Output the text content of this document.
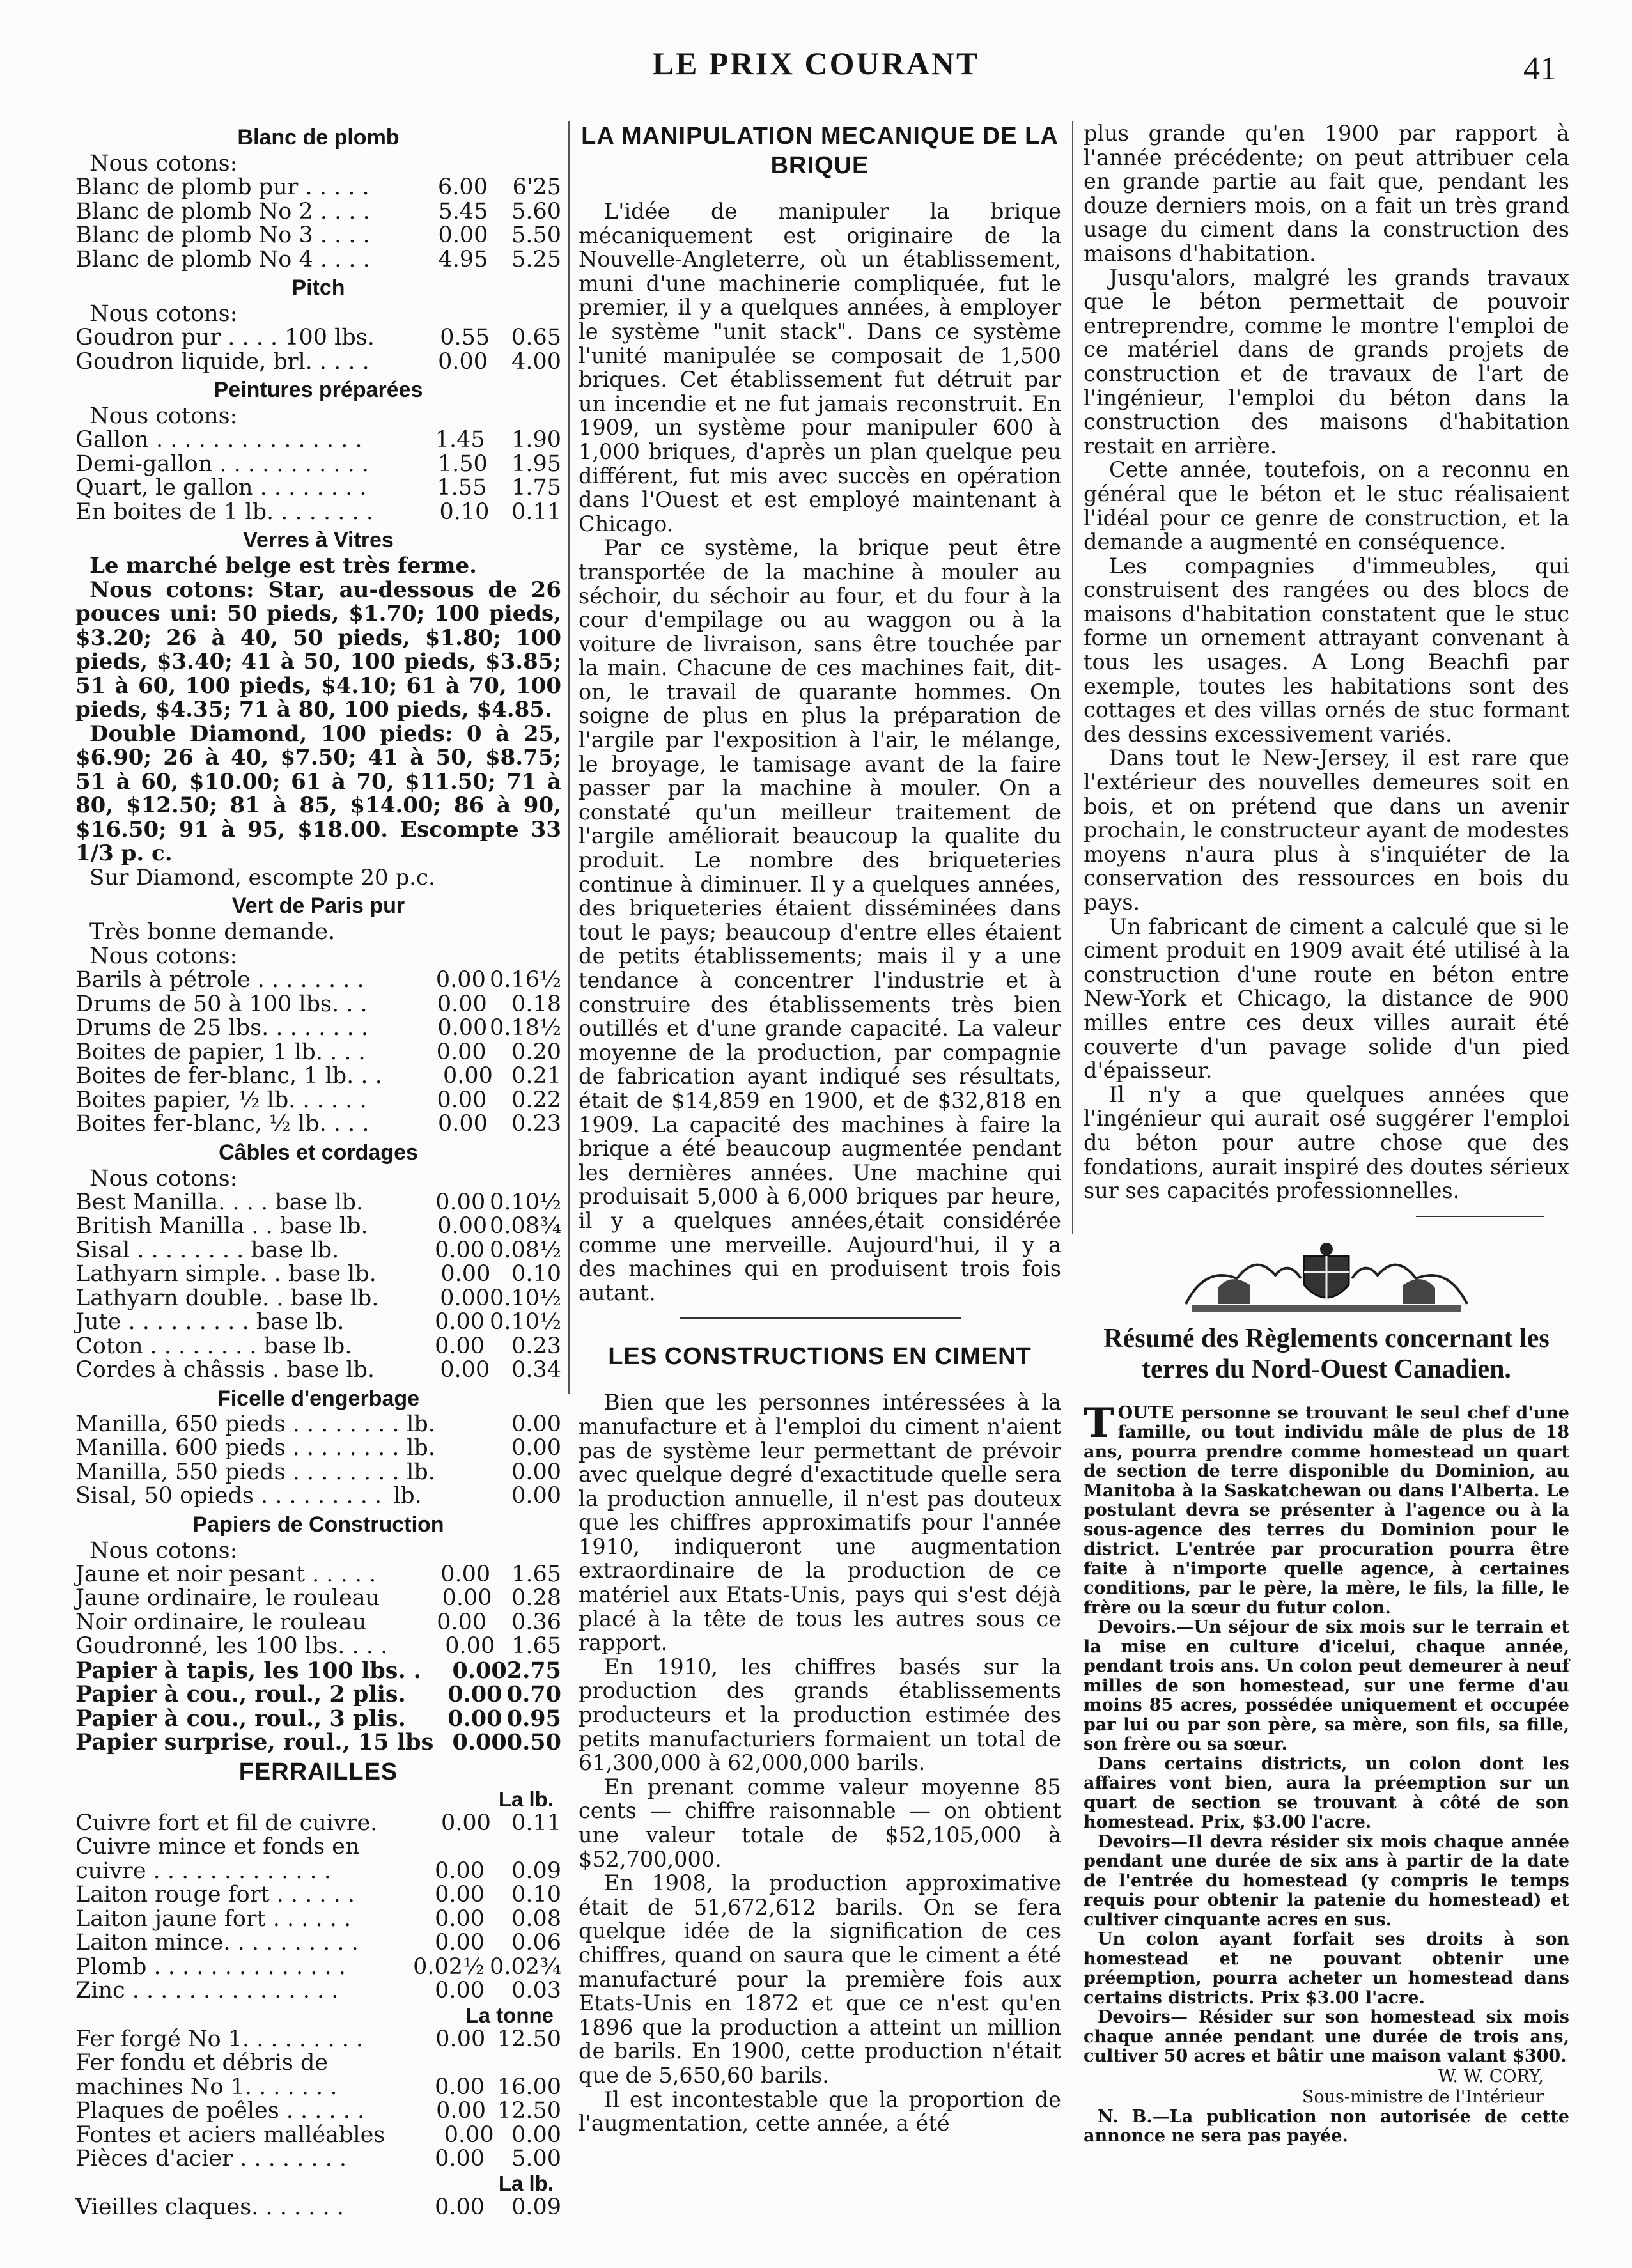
LE PRIX COURANT	41
Blanc de plomb
Nous cotons:
Blanc de plomb pur . . . . .	6.00	6'25
Blanc de plomb No 2 . . . .	5.45	5.60
Blanc de plomb No 3 . . . .	0.00	5.50
Blanc de plomb No 4 . . . .	4.95	5.25
Pitch
Nous cotons:
Goudron pur . . . . 100 lbs.	0.55 0.65
Goudron liquide, brl. . . . .	0.00	4.00
Peintures préparées
Nous cotons:
Gallon . . . . . . . . . . . . . . .	1.45	1.90
Demi-gallon . . . . . . . . . . .	1.50	1.95
Quart, le gallon . . . . . . . .	1.55	1.75
En boites de 1 lb. . . . . . . .	0.10 0.11
Verres à Vitres
Le marché belge est très ferme.
Nous cotons: Star, au-dessous de 26 pouces uni: 50 pieds, $1.70; 100 pieds, $3.20; 26 à 40, 50 pieds, $1.80; 100 pieds, $3.40; 41 à 50, 100 pieds, $3.85; 51 à 60, 100 pieds, $4.10; 61 à 70, 100 pieds, $4.35; 71 à 80, 100 pieds, $4.85.
Double Diamond, 100 pieds: 0 à 25, $6.90; 26 à 40, $7.50; 41 à 50, $8.75; 51 à 60, $10.00; 61 à 70, $11.50; 71 à 80, $12.50; 81 à 85, $14.00; 86 à 90, $16.50; 91 à 95, $18.00. Escompte 33 1/3 p. c.
Sur Diamond, escompte 20 p.c.
Vert de Paris pur
Très bonne demande.
Nous cotons:
Barils à pétrole . . . . . . . .	0.00 0.16½
Drums de 50 à 100 lbs. . .	0.00	0.18
Drums de 25 lbs. . . . . . . .	0.00 0.18½
Boites de papier, 1 lb. . . .	0.00	0.20
Boites de fer-blanc, 1 lb. . .	0.00 0.21
Boites papier, ½ lb. . . . . .	0.00	0.22
Boites fer-blanc, ½ lb. . . .	0.00	0.23
Câbles et cordages
Nous cotons:
Best Manilla. . . . base lb.	0.00 0.10½
British Manilla . . base lb.	0.00 0.08¾
Sisal . . . . . . . . base lb.	0.00 0.08½
Lathyarn simple. . base lb.	0.00 0.10
Lathyarn double. . base lb.	0.00 0.10½
Jute . . . . . . . . . base lb.	0.00 0.10½
Coton . . . . . . . . base lb.	0.00	0.23
Cordes à châssis . base lb.	0.00 0.34
Ficelle d'engerbage
Manilla, 650 pieds . . . . . . . . lb.	0.00
Manilla. 600 pieds . . . . . . . . lb.	0.00
Manilla, 550 pieds . . . . . . . . lb.	0.00
Sisal, 50 opieds . . . . . . . . . lb.	0.00
Papiers de Construction
Nous cotons:
Jaune et noir pesant . . . . .	0.00 1.65
Jaune ordinaire, le rouleau	0.00 0.28
Noir ordinaire, le rouleau	0.00	0.36
Goudronné, les 100 lbs. . . .	0.00 1.65
Papier à tapis, les 100 lbs. . 0.00 2.75
Papier à cou., roul., 2 plis. 0.00 0.70
Papier à cou., roul., 3 plis. 0.00 0.95
Papier surprise, roul., 15 lbs 0.00 0.50
FERRAILLES
La lb.
Cuivre fort et fil de cuivre.	0.00 0.11
Cuivre mince et fonds en
cuivre . . . . . . . . . . . . .	0.00	0.09
Laiton rouge fort . . . . . .	0.00	0.10
Laiton jaune fort . . . . . .	0.00	0.08
Laiton mince. . . . . . . . . .	0.00	0.06
Plomb . . . . . . . . . . . . . .	0.02½ 0.02¾
Zinc . . . . . . . . . . . . . . .	0.00	0.03
La tonne
Fer forgé No 1. . . . . . . . .	0.00 12.50
Fer fondu et débris de
machines No 1. . . . . . .	0.00 16.00
Plaques de poêles . . . . . .	0.00 12.50
Fontes et aciers malléables	0.00 0.00
Pièces d'acier . . . . . . . .	0.00	5.00
La lb.
Vieilles claques. . . . . . .	0.00	0.09
LA MANIPULATION MECANIQUE DE LA BRIQUE

L'idée de manipuler la brique mécaniquement est originaire de la Nouvelle-Angleterre, où un établissement, muni d'une machinerie compliquée, fut le premier, il y a quelques années, à employer le système "unit stack". Dans ce système l'unité manipulée se composait de 1,500 briques. Cet établissement fut détruit par un incendie et ne fut jamais reconstruit. En 1909, un système pour manipuler 600 à 1,000 briques, d'après un plan quelque peu différent, fut mis avec succès en opération dans l'Ouest et est employé maintenant à Chicago.

Par ce système, la brique peut être transportée de la machine à mouler au séchoir, du séchoir au four, et du four à la cour d'empilage ou au waggon ou à la voiture de livraison, sans être touchée par la main. Chacune de ces machines fait, dit-on, le travail de quarante hommes. On soigne de plus en plus la préparation de l'argile par l'exposition à l'air, le mélange, le broyage, le tamisage avant de la faire passer par la machine à mouler. On a constaté qu'un meilleur traitement de l'argile améliorait beaucoup la qualite du produit. Le nombre des briqueteries continue à diminuer. Il y a quelques années, des briqueteries étaient disséminées dans tout le pays; beaucoup d'entre elles étaient de petits établissements; mais il y a une tendance à concentrer l'industrie et à construire des établissements très bien outillés et d'une grande capacité. La valeur moyenne de la production, par compagnie de fabrication ayant indiqué ses résultats, était de $14,859 en 1900, et de $32,818 en 1909. La capacité des machines à faire la brique a été beaucoup augmentée pendant les dernières années. Une machine qui produisait 5,000 à 6,000 briques par heure, il y a quelques années,était considérée comme une merveille. Aujourd'hui, il y a des machines qui en produisent trois fois autant.

LES CONSTRUCTIONS EN CIMENT

Bien que les personnes intéressées à la manufacture et à l'emploi du ciment n'aient pas de système leur permettant de prévoir avec quelque degré d'exactitude quelle sera la production annuelle, il n'est pas douteux que les chiffres approximatifs pour l'année 1910, indiqueront une augmentation extraordinaire de la production de ce matériel aux Etats-Unis, pays qui s'est déjà placé à la tête de tous les autres sous ce rapport.

En 1910, les chiffres basés sur la production des grands établissements producteurs et la production estimée des petits manufacturiers formaient un total de 61,300,000 à 62,000,000 barils.

En prenant comme valeur moyenne 85 cents — chiffre raisonnable — on obtient une valeur totale de $52,105,000 à $52,700,000.

En 1908, la production approximative était de 51,672,612 barils. On se fera quelque idée de la signification de ces chiffres, quand on saura que le ciment a été manufacturé pour la première fois aux Etats-Unis en 1872 et que ce n'est qu'en 1896 que la production a atteint un million de barils. En 1900, cette production n'était que de 5,650,60 barils.

Il est incontestable que la proportion de l'augmentation, cette année, a été

plus grande qu'en 1900 par rapport à l'année précédente; on peut attribuer cela en grande partie au fait que, pendant les douze derniers mois, on a fait un très grand usage du ciment dans la construction des maisons d'habitation.

Jusqu'alors, malgré les grands travaux que le béton permettait de pouvoir entreprendre, comme le montre l'emploi de ce matériel dans de grands projets de construction et de travaux de l'art de l'ingénieur, l'emploi du béton dans la construction des maisons d'habitation restait en arrière.

Cette année, toutefois, on a reconnu en général que le béton et le stuc réalisaient l'idéal pour ce genre de construction, et la demande a augmenté en conséquence.

Les compagnies d'immeubles, qui construisent des rangées ou des blocs de maisons d'habitation constatent que le stuc forme un ornement attrayant convenant à tous les usages. A Long Beachfi par exemple, toutes les habitations sont des cottages et des villas ornés de stuc formant des dessins excessivement variés.

Dans tout le New-Jersey, il est rare que l'extérieur des nouvelles demeures soit en bois, et on prétend que dans un avenir prochain, le constructeur ayant de modestes moyens n'aura plus à s'inquiéter de la conservation des ressources en bois du pays.

Un fabricant de ciment a calculé que si le ciment produit en 1909 avait été utilisé à la construction d'une route en béton entre New-York et Chicago, la distance de 900 milles entre ces deux villes aurait été couverte d'un pavage solide d'un pied d'épaisseur.

Il n'y a que quelques années que l'ingénieur qui aurait osé suggérer l'emploi du béton pour autre chose que des fondations, aurait inspiré des doutes sérieux sur ses capacités professionnelles.

Résumé des Règlements concernant les terres du Nord-Ouest Canadien.

TOUTE personne se trouvant le seul chef d'une famille, ou tout individu mâle de plus de 18 ans, pourra prendre comme homestead un quart de section de terre disponible du Dominion, au Manitoba à la Saskatchewan ou dans l'Alberta. Le postulant devra se présenter à l'agence ou à la sous-agence des terres du Dominion pour le district. L'entrée par procuration pourra être faite à n'importe quelle agence, à certaines conditions, par le père, la mère, le fils, la fille, le frère ou la sœur du futur colon.

Devoirs.—Un séjour de six mois sur le terrain et la mise en culture d'icelui, chaque année, pendant trois ans. Un colon peut demeurer à neuf milles de son homestead, sur une ferme d'au moins 85 acres, possédée uniquement et occupée par lui ou par son père, sa mère, son fils, sa fille, son frère ou sa sœur.

Dans certains districts, un colon dont les affaires vont bien, aura la préemption sur un quart de section se trouvant à côté de son homestead. Prix, $3.00 l'acre.

Devoirs—Il devra résider six mois chaque année pendant une durée de six ans à partir de la date de l'entrée du homestead (y compris le temps requis pour obtenir la patenie du homestead) et cultiver cinquante acres en sus.

Un colon ayant forfait ses droits à son homestead et ne pouvant obtenir une préemption, pourra acheter un homestead dans certains districts. Prix $3.00 l'acre.

Devoirs— Résider sur son homestead six mois chaque année pendant une durée de trois ans, cultiver 50 acres et bâtir une maison valant $300.

W. W. CORY,
Sous-ministre de l'Intérieur

N. B.—La publication non autorisée de cette annonce ne sera pas payée.
